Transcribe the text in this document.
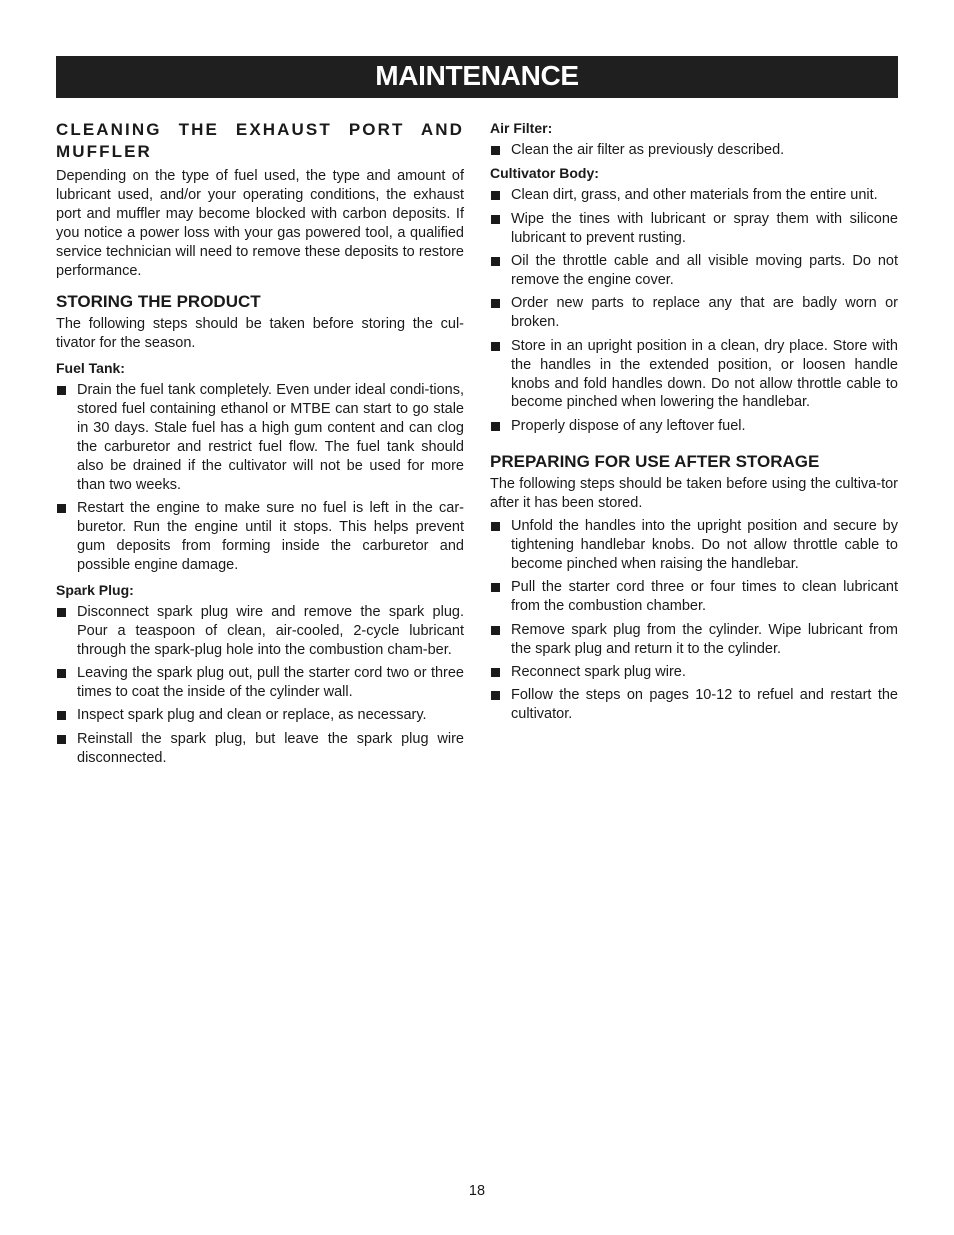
MAINTENANCE
CLEANING THE EXHAUST PORT AND MUFFLER

Depending on the type of fuel used, the type and amount of lubricant used, and/or your operating conditions, the exhaust port and muffler may become blocked with carbon deposits. If you notice a power loss with your gas powered tool, a qualified service technician will need to remove these deposits to restore performance.

STORING THE PRODUCT

The following steps should be taken before storing the cul-tivator for the season.

Fuel Tank:
Drain the fuel tank completely. Even under ideal condi-tions, stored fuel containing ethanol or MTBE can start to go stale in 30 days. Stale fuel has a high gum content and can clog the carburetor and restrict fuel flow. The fuel tank should also be drained if the cultivator will not be used for more than two weeks.
Restart the engine to make sure no fuel is left in the car-buretor. Run the engine until it stops. This helps prevent gum deposits from forming inside the carburetor and possible engine damage.
Spark Plug:
Disconnect spark plug wire and remove the spark plug. Pour a teaspoon of clean, air-cooled, 2-cycle lubricant through the spark-plug hole into the combustion cham-ber.
Leaving the spark plug out, pull the starter cord two or three times to coat the inside of the cylinder wall.
Inspect spark plug and clean or replace, as necessary.
Reinstall the spark plug, but leave the spark plug wire disconnected.
Air Filter:
Clean the air filter as previously described.
Cultivator Body:
Clean dirt, grass, and other materials from the entire unit.
Wipe the tines with lubricant or spray them with silicone lubricant to prevent rusting.
Oil the throttle cable and all visible moving parts. Do not remove the engine cover.
Order new parts to replace any that are badly worn or broken.
Store in an upright position in a clean, dry place. Store with the handles in the extended position, or loosen handle knobs and fold handles down. Do not allow throttle cable to become pinched when lowering the handlebar.
Properly dispose of any leftover fuel.
PREPARING FOR USE AFTER STORAGE

The following steps should be taken before using the cultiva-tor after it has been stored.

Unfold the handles into the upright position and secure by tightening handlebar knobs. Do not allow throttle cable to become pinched when raising the handlebar.
Pull the starter cord three or four times to clean lubricant from the combustion chamber.
Remove spark plug from the cylinder. Wipe lubricant from the spark plug and return it to the cylinder.
Reconnect spark plug wire.
Follow the steps on pages 10-12 to refuel and restart the cultivator.
18
